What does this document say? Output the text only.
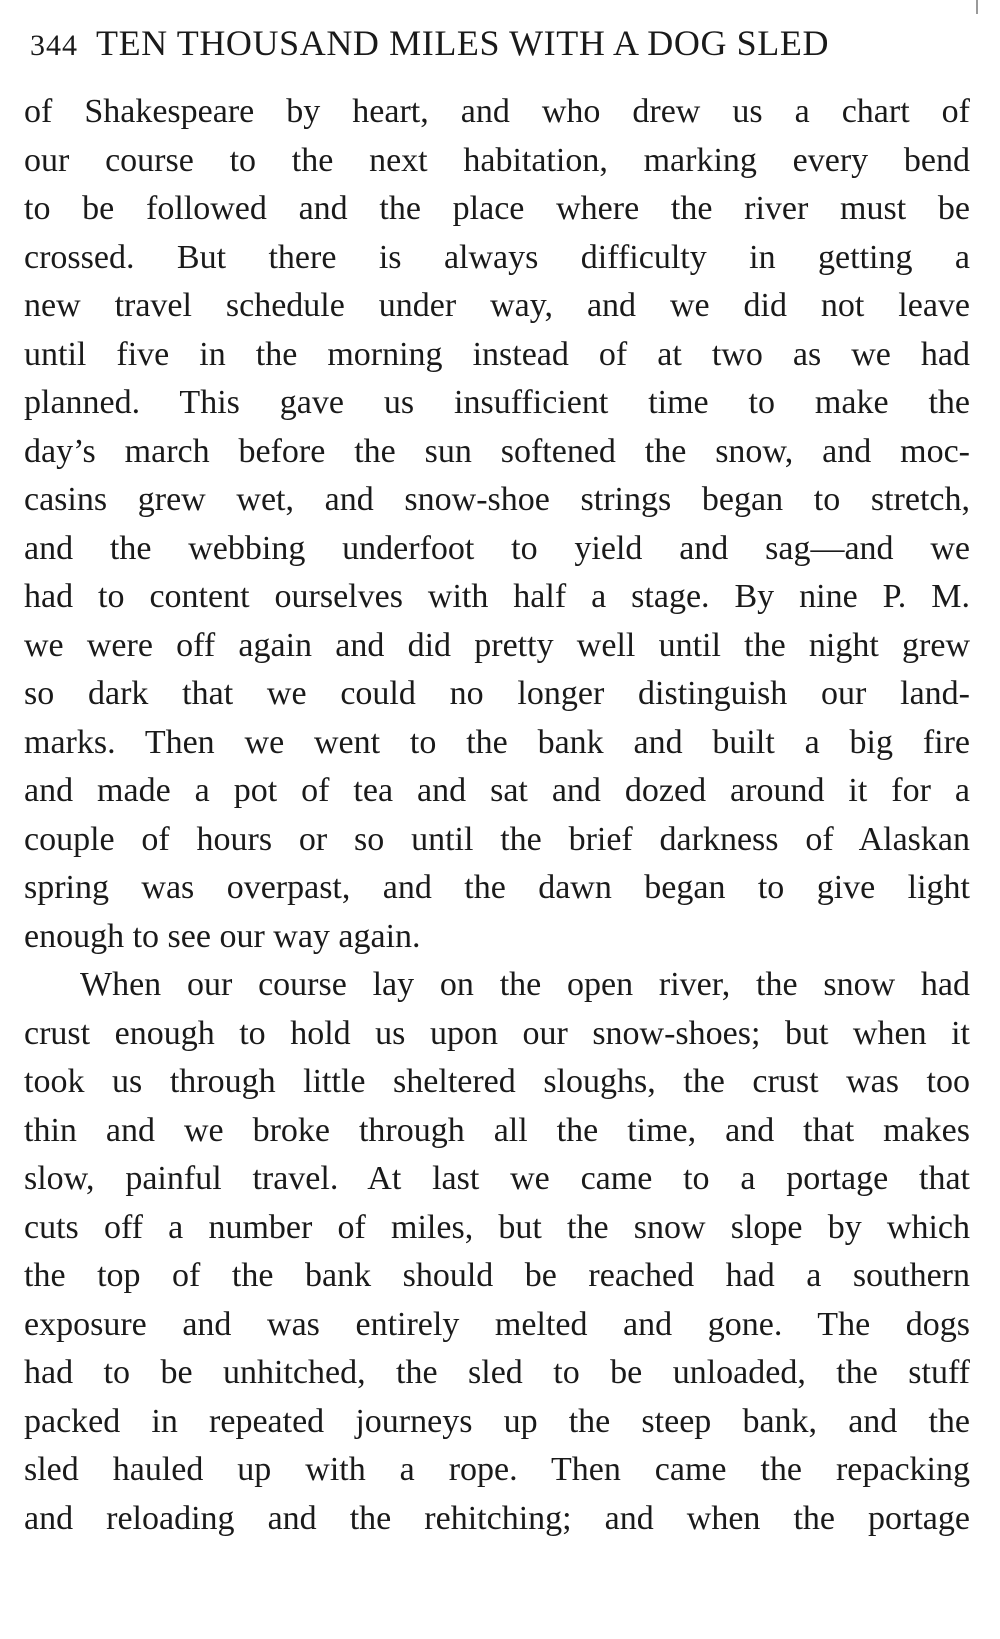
344 TEN THOUSAND MILES WITH A DOG SLED
of Shakespeare by heart, and who drew us a chart of
our course to the next habitation, marking every bend
to be followed and the place where the river must be
crossed. But there is always difficulty in getting a
new travel schedule under way, and we did not leave
until five in the morning instead of at two as we had
planned. This gave us insufficient time to make the
day’s march before the sun softened the snow, and moc-
casins grew wet, and snow-shoe strings began to stretch,
and the webbing underfoot to yield and sag—and we
had to content ourselves with half a stage. By nine P. M.
we were off again and did pretty well until the night grew
so dark that we could no longer distinguish our land-
marks. Then we went to the bank and built a big fire
and made a pot of tea and sat and dozed around it for a
couple of hours or so until the brief darkness of Alaskan
spring was overpast, and the dawn began to give light
enough to see our way again.
When our course lay on the open river, the snow had
crust enough to hold us upon our snow-shoes; but when it
took us through little sheltered sloughs, the crust was too
thin and we broke through all the time, and that makes
slow, painful travel. At last we came to a portage that
cuts off a number of miles, but the snow slope by which
the top of the bank should be reached had a southern
exposure and was entirely melted and gone. The dogs
had to be unhitched, the sled to be unloaded, the stuff
packed in repeated journeys up the steep bank, and the
sled hauled up with a rope. Then came the repacking
and reloading and the rehitching; and when the portage
